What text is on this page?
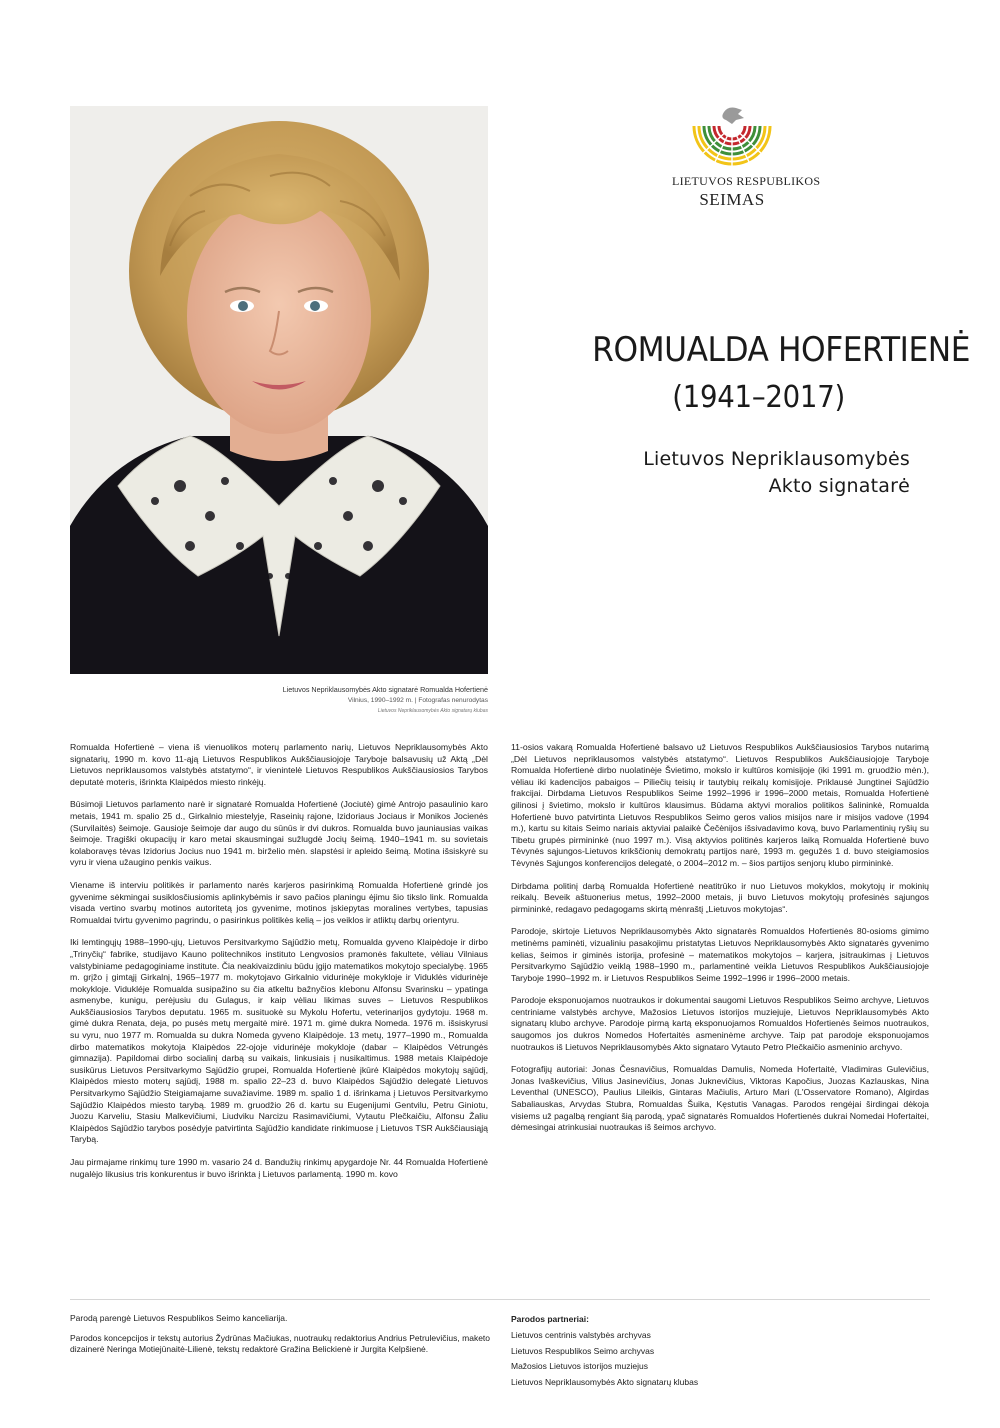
Lietuvos Nepriklausomybės Akto signatarė Romualda Hofertienė
Vilnius, 1990–1992 m. | Fotografas nenurodytas
Lietuvos Nepriklausomybės Akto signatarų klubas
LIETUVOS RESPUBLIKOS
SEIMAS
ROMUALDA HOFERTIENĖ
(1941–2017)
Lietuvos Nepriklausomybės
Akto signatarė

Romualda Hofertienė – viena iš vienuolikos moterų parlamento narių, Lietuvos Nepriklausomybės Akto signatarių, 1990 m. kovo 11-ąją Lietuvos Respublikos Aukščiausiojoje Taryboje balsavusių už Aktą „Dėl Lietuvos nepriklausomos valstybės atstatymo“, ir vienintelė Lietuvos Respublikos Aukščiausiosios Tarybos deputatė moteris, išrinkta Klaipėdos miesto rinkėjų.

Būsimoji Lietuvos parlamento narė ir signatarė Romualda Hofertienė (Jociutė) gimė Antrojo pasaulinio karo metais, 1941 m. spalio 25 d., Girkalnio miestelyje, Raseinių rajone, Izidoriaus Jociaus ir Monikos Jocienės (Survilaitės) šeimoje. Gausioje šeimoje dar augo du sūnūs ir dvi dukros. Romualda buvo jauniausias vaikas šeimoje. Tragiški okupacijų ir karo metai skausmingai sužlugdė Jocių šeimą. 1940–1941 m. su sovietais kolaboravęs tėvas Izidorius Jocius nuo 1941 m. birželio mėn. slapstėsi ir apleido šeimą. Motina išsiskyrė su vyru ir viena užaugino penkis vaikus.

Viename iš interviu politikės ir parlamento narės karjeros pasirinkimą Romualda Hofertienė grindė jos gyvenime sėkmingai susiklosčiusiomis aplinkybėmis ir savo pačios planingu ėjimu šio tikslo link. Romualda visada vertino svarbų motinos autoritetą jos gyvenime, motinos įskiepytas moralines vertybes, tapusias Romualdai tvirtu gyvenimo pagrindu, o pasirinkus politikės kelią – jos veiklos ir atliktų darbų orientyru.

Iki lemtingųjų 1988–1990-ųjų, Lietuvos Persitvarkymo Sąjūdžio metų, Romualda gyveno Klaipėdoje ir dirbo „Trinyčių“ fabrike, studijavo Kauno politechnikos instituto Lengvosios pramonės fakultete, vėliau Vilniaus valstybiniame pedagoginiame institute. Čia neakivaizdiniu būdu įgijo matematikos mokytojo specialybę. 1965 m. grįžo į gimtąjį Girkalnį, 1965–1977 m. mokytojavo Girkalnio vidurinėje mokykloje ir Viduklės vidurinėje mokykloje. Vidukléje Romualda susipažino su čia atkeltu bažnyčios klebonu Alfonsu Svarinsku – ypatinga asmenybe, kunigu, perėjusiu du Gulagus, ir kaip vėliau likimas suves – Lietuvos Respublikos Aukščiausiosios Tarybos deputatu. 1965 m. susituokė su Mykolu Hofertu, veterinarijos gydytoju. 1968 m. gimė dukra Renata, deja, po pusės metų mergaitė mirė. 1971 m. gimė dukra Nomeda. 1976 m. išsiskyrusi su vyru, nuo 1977 m. Romualda su dukra Nomeda gyveno Klaipėdoje. 13 metų, 1977–1990 m., Romualda dirbo matematikos mokytoja Klaipėdos 22-ojoje vidurinėje mokykloje (dabar – Klaipėdos Vėtrungės gimnazija). Papildomai dirbo socialinį darbą su vaikais, linkusiais į nusikaltimus. 1988 metais Klaipėdoje susikūrus Lietuvos Persitvarkymo Sąjūdžio grupei, Romualda Hofertienė įkūrė Klaipėdos mokytojų sąjūdį, Klaipėdos miesto moterų sąjūdį, 1988 m. spalio 22–23 d. buvo Klaipėdos Sąjūdžio delegatė Lietuvos Persitvarkymo Sąjūdžio Steigiamajame suvažiavime. 1989 m. spalio 1 d. išrinkama į Lietuvos Persitvarkymo Sąjūdžio Klaipėdos miesto tarybą. 1989 m. gruodžio 26 d. kartu su Eugenijumi Gentvilu, Petru Giniotu, Juozu Karveliu, Stasiu Malkevičiumi, Liudviku Narcizu Rasimavičiumi, Vytautu Plečkaičiu, Alfonsu Žaliu Klaipėdos Sąjūdžio tarybos posėdyje patvirtinta Sąjūdžio kandidate rinkimuose į Lietuvos TSR Aukščiausiąją Tarybą.

Jau pirmajame rinkimų ture 1990 m. vasario 24 d. Bandužių rinkimų apygardoje Nr. 44 Romualda Hofertienė nugalėjo likusius tris konkurentus ir buvo išrinkta į Lietuvos parlamentą. 1990 m. kovo

11-osios vakarą Romualda Hofertienė balsavo už Lietuvos Respublikos Aukščiausiosios Tarybos nutarimą „Dėl Lietuvos nepriklausomos valstybės atstatymo“. Lietuvos Respublikos Aukščiausiojoje Taryboje Romualda Hofertienė dirbo nuolatinėje Švietimo, mokslo ir kultūros komisijoje (iki 1991 m. gruodžio mėn.), vėliau iki kadencijos pabaigos – Piliečių teisių ir tautybių reikalų komisijoje. Priklausė Jungtinei Sąjūdžio frakcijai. Dirbdama Lietuvos Respublikos Seime 1992–1996 ir 1996–2000 metais, Romualda Hofertienė gilinosi į švietimo, mokslo ir kultūros klausimus. Būdama aktyvi moralios politikos šalininkė, Romualda Hofertienė buvo patvirtinta Lietuvos Respublikos Seimo geros valios misijos nare ir misijos vadove (1994 m.), kartu su kitais Seimo nariais aktyviai palaikė Čečėnijos išsivadavimo kovą, buvo Parlamentinių ryšių su Tibetu grupės pirmininkė (nuo 1997 m.). Visą aktyvios politinės karjeros laiką Romualda Hofertienė buvo Tėvynės sąjungos-Lietuvos krikščionių demokratų partijos narė, 1993 m. gegužės 1 d. buvo steigiamosios Tėvynės Sąjungos konferencijos delegatė, o 2004–2012 m. – šios partijos senjorų klubo pirmininkė.

Dirbdama politinį darbą Romualda Hofertienė neatitrūko ir nuo Lietuvos mokyklos, mokytojų ir mokinių reikalų. Beveik aštuonerius metus, 1992–2000 metais, ji buvo Lietuvos mokytojų profesinės sąjungos pirmininkė, redagavo pedagogams skirtą mėnraštį „Lietuvos mokytojas“.

Parodoje, skirtoje Lietuvos Nepriklausomybės Akto signatarės Romualdos Hofertienės 80-osioms gimimo metinėms paminėti, vizualiniu pasakojimu pristatytas Lietuvos Nepriklausomybės Akto signatarės gyvenimo kelias, šeimos ir giminės istorija, profesinė – matematikos mokytojos – karjera, įsitraukimas į Lietuvos Persitvarkymo Sąjūdžio veiklą 1988–1990 m., parlamentinė veikla Lietuvos Respublikos Aukščiausiojoje Taryboje 1990–1992 m. ir Lietuvos Respublikos Seime 1992–1996 ir 1996–2000 metais.

Parodoje eksponuojamos nuotraukos ir dokumentai saugomi Lietuvos Respublikos Seimo archyve, Lietuvos centriniame valstybės archyve, Mažosios Lietuvos istorijos muziejuje, Lietuvos Nepriklausomybės Akto signatarų klubo archyve. Parodoje pirmą kartą eksponuojamos Romualdos Hofertienės šeimos nuotraukos, saugomos jos dukros Nomedos Hofertaitės asmeninėme archyve. Taip pat parodoje eksponuojamos nuotraukos iš Lietuvos Nepriklausomybės Akto signataro Vytauto Petro Plečkaičio asmeninio archyvo.

Fotografijų autoriai: Jonas Česnavičius, Romualdas Damulis, Nomeda Hofertaitė, Vladimiras Gulevičius, Jonas Ivaškevičius, Vilius Jasinevičius, Jonas Juknevičius, Viktoras Kapočius, Juozas Kazlauskas, Nina Leventhal (UNESCO), Paulius Lileikis, Gintaras Mačiulis, Arturo Mari (L'Osservatore Romano), Algirdas Sabaliauskas, Arvydas Stubra, Romualdas Šuika, Kęstutis Vanagas. Parodos rengėjai širdingai dėkoja visiems už pagalbą rengiant šią parodą, ypač signatarės Romualdos Hofertienės dukrai Nomedai Hofertaitei, dėmesingai atrinkusiai nuotraukas iš šeimos archyvo.

Parodą parengė Lietuvos Respublikos Seimo kanceliarija.

Parodos koncepcijos ir tekstų autorius Žydrūnas Mačiukas, nuotraukų redaktorius Andrius Petrulevičius, maketo dizainerė Neringa Motiejūnaitė-Lilienė, tekstų redaktorė Gražina Belickienė ir Jurgita Kelpšienė.

Parodos partneriai:
Lietuvos centrinis valstybės archyvas
Lietuvos Respublikos Seimo archyvas
Mažosios Lietuvos istorijos muziejus
Lietuvos Nepriklausomybės Akto signatarų klubas
